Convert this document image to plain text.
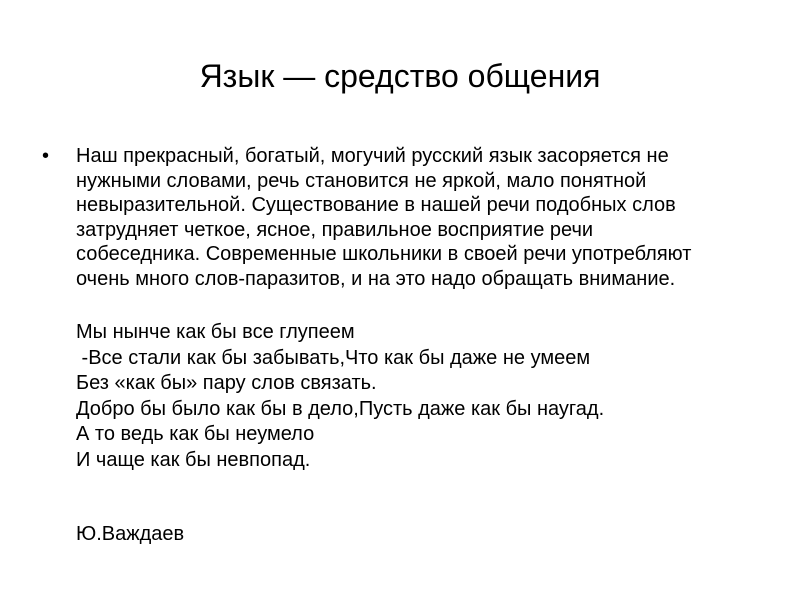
Язык — средство общения
• Наш прекрасный, богатый, могучий русский язык засоряется не
нужными словами, речь становится не яркой, мало понятной
невыразительной. Существование в нашей речи подобных слов
затрудняет четкое, ясное, правильное восприятие речи
собеседника. Современные школьники в своей речи употребляют
очень много слов-паразитов, и на это надо обращать внимание.
Мы нынче как бы все глупеем
-Все стали как бы забывать,Что как бы даже не умеем
Без «как бы» пару слов связать.
Добро бы было как бы в дело,Пусть даже как бы наугад.
А то ведь как бы неумело
И чаще как бы невпопад.
Ю.Важдаев
